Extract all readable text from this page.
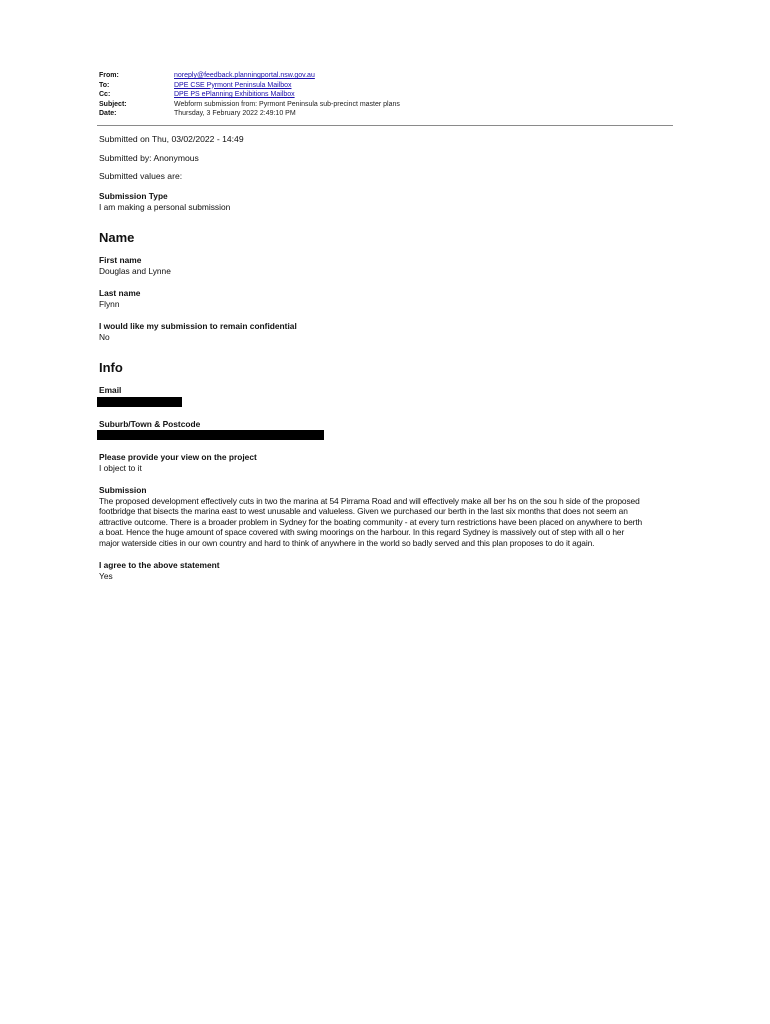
From:	noreply@feedback.planningportal.nsw.gov.au
To:	DPE CSE Pyrmont Peninsula Mailbox
Cc:	DPE PS ePlanning Exhibitions Mailbox
Subject:	Webform submission from: Pyrmont Peninsula sub-precinct master plans
Date:	Thursday, 3 February 2022 2:49:10 PM
Submitted on Thu, 03/02/2022 - 14:49
Submitted by: Anonymous
Submitted values are:
Submission Type
I am making a personal submission
Name
First name
Douglas and Lynne
Last name
Flynn
I would like my submission to remain confidential
No
Info
Email
Suburb/Town & Postcode
Please provide your view on the project
I object to it
Submission
The proposed development effectively cuts in two the marina at 54 Pirrama Road and will effectively make all ber hs on the sou h side of the proposed
footbridge that bisects the marina east to west unusable and valueless. Given we purchased our berth in the last six months that does not seem an
attractive outcome. There is a broader problem in Sydney for the boating community - at every turn restrictions have been placed on anywhere to berth
a boat. Hence the huge amount of space covered with swing moorings on the harbour. In this regard Sydney is massively out of step with all o her
major waterside cities in our own country and hard to think of anywhere in the world so badly served and this plan proposes to do it again.
I agree to the above statement
Yes
